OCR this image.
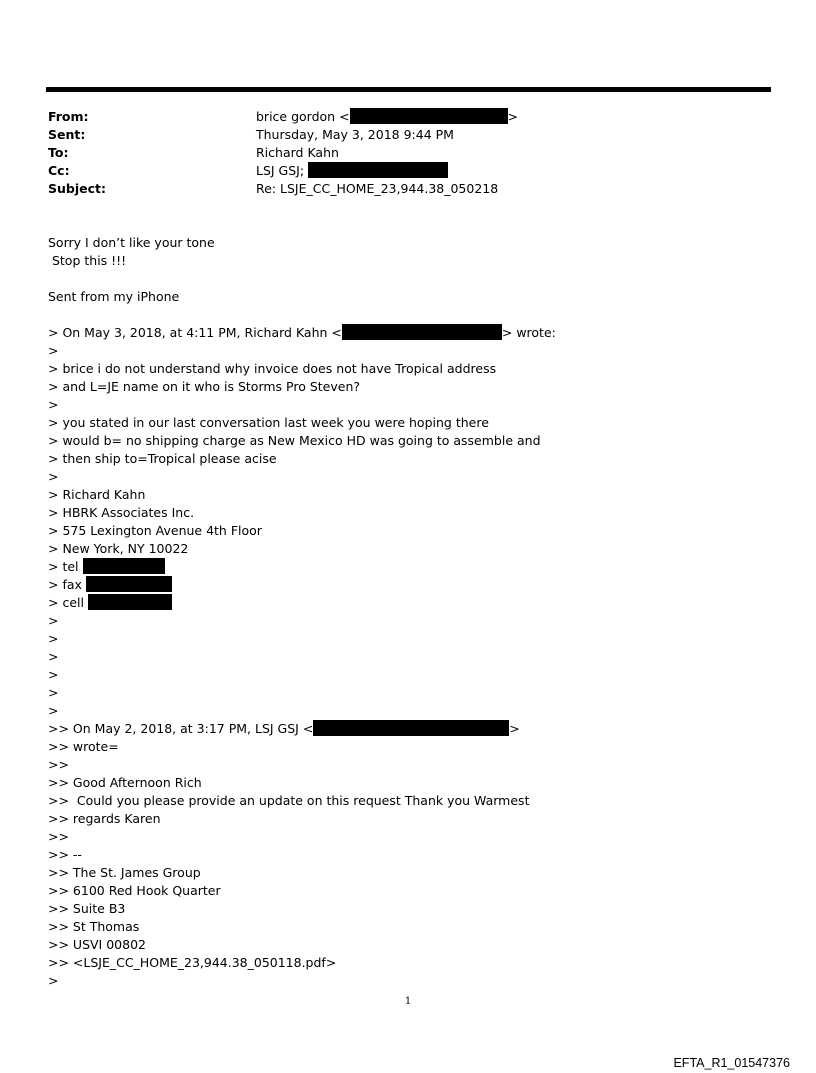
From:	brice gordon <	>
Sent:	Thursday, May 3, 2018 9:44 PM
To:	Richard Kahn
Cc:	LSJ GSJ;
Subject:	Re: LSJE_CC_HOME_23,944.38_050218
Sorry I don’t like your tone
Stop this !!!
Sent from my iPhone
> On May 3, 2018, at 4:11 PM, Richard Kahn <	> wrote:
>
> brice i do not understand why invoice does not have Tropical address
> and L=JE name on it who is Storms Pro Steven?
>
> you stated in our last conversation last week you were hoping there
> would b= no shipping charge as New Mexico HD was going to assemble and
> then ship to=Tropical please acise
>
> Richard Kahn
> HBRK Associates Inc.
> 575 Lexington Avenue 4th Floor
> New York, NY 10022
> tel
> fax
> cell
>
>
>
>
>
>
>> On May 2, 2018, at 3:17 PM, LSJ GSJ <	>
>> wrote=
>>
>> Good Afternoon Rich
>>  Could you please provide an update on this request Thank you Warmest
>> regards Karen
>>
>> --
>> The St. James Group
>> 6100 Red Hook Quarter
>> Suite B3
>> St Thomas
>> USVI 00802
>> <LSJE_CC_HOME_23,944.38_050118.pdf>
>
1
EFTA_R1_01547376
